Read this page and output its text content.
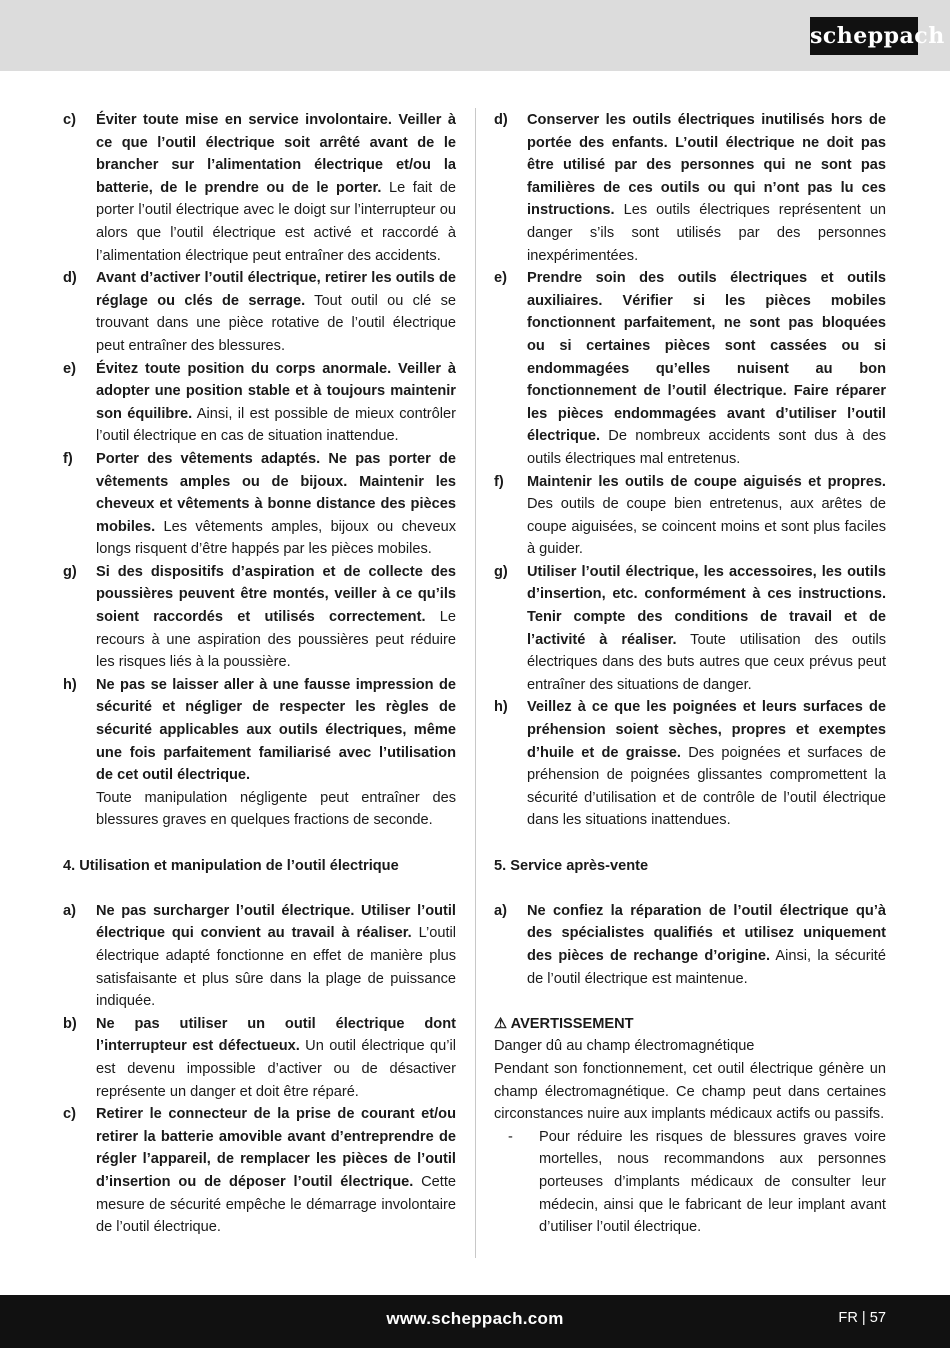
scheppach
c)	Éviter toute mise en service involontaire. Veiller à ce que l’outil électrique soit arrêté avant de le brancher sur l’alimentation électrique et/ou la batterie, de le prendre ou de le porter. Le fait de porter l’outil électrique avec le doigt sur l’interrupteur ou alors que l’outil électrique est activé et raccordé à l’alimentation électrique peut entraîner des accidents.
d)	Avant d’activer l’outil électrique, retirer les outils de réglage ou clés de serrage. Tout outil ou clé se trouvant dans une pièce rotative de l’outil électrique peut entraîner des blessures.
e)	Évitez toute position du corps anormale. Veiller à adopter une position stable et à toujours maintenir son équilibre. Ainsi, il est possible de mieux contrôler l’outil électrique en cas de situation inattendue.
f)	Porter des vêtements adaptés. Ne pas porter de vêtements amples ou de bijoux. Maintenir les cheveux et vêtements à bonne distance des pièces mobiles. Les vêtements amples, bijoux ou cheveux longs risquent d’être happés par les pièces mobiles.
g)	Si des dispositifs d’aspiration et de collecte des poussières peuvent être montés, veiller à ce qu’ils soient raccordés et utilisés correctement. Le recours à une aspiration des poussières peut réduire les risques liés à la poussière.
h)	Ne pas se laisser aller à une fausse impression de sécurité et négliger de respecter les règles de sécurité applicables aux outils électriques, même une fois parfaitement familiarisé avec l’utilisation de cet outil électrique.
Toute manipulation négligente peut entraîner des blessures graves en quelques fractions de seconde.
4. Utilisation et manipulation de l’outil électrique
a)	Ne pas surcharger l’outil électrique. Utiliser l’outil électrique qui convient au travail à réaliser. L’outil électrique adapté fonctionne en effet de manière plus satisfaisante et plus sûre dans la plage de puissance indiquée.
b)	Ne pas utiliser un outil électrique dont l’interrupteur est défectueux. Un outil électrique qu’il est devenu impossible d’activer ou de désactiver représente un danger et doit être réparé.
c)	Retirer le connecteur de la prise de courant et/ou retirer la batterie amovible avant d’entreprendre de régler l’appareil, de remplacer les pièces de l’outil d’insertion ou de déposer l’outil électrique. Cette mesure de sécurité empêche le démarrage involontaire de l’outil électrique.
d)	Conserver les outils électriques inutilisés hors de portée des enfants. L’outil électrique ne doit pas être utilisé par des personnes qui ne sont pas familières de ces outils ou qui n’ont pas lu ces instructions. Les outils électriques représentent un danger s’ils sont utilisés par des personnes inexpérimentées.
e)	Prendre soin des outils électriques et outils auxiliaires. Vérifier si les pièces mobiles fonctionnent parfaitement, ne sont pas bloquées ou si certaines pièces sont cassées ou si endommagées qu’elles nuisent au bon fonctionnement de l’outil électrique. Faire réparer les pièces endommagées avant d’utiliser l’outil électrique. De nombreux accidents sont dus à des outils électriques mal entretenus.
f)	Maintenir les outils de coupe aiguisés et propres. Des outils de coupe bien entretenus, aux arêtes de coupe aiguisées, se coincent moins et sont plus faciles à guider.
g)	Utiliser l’outil électrique, les accessoires, les outils d’insertion, etc. conformément à ces instructions. Tenir compte des conditions de travail et de l’activité à réaliser. Toute utilisation des outils électriques dans des buts autres que ceux prévus peut entraîner des situations de danger.
h)	Veillez à ce que les poignées et leurs surfaces de préhension soient sèches, propres et exemptes d’huile et de graisse. Des poignées et surfaces de préhension de poignées glissantes compromettent la sécurité d’utilisation et de contrôle de l’outil électrique dans les situations inattendues.
5. Service après-vente
a)	Ne confiez la réparation de l’outil électrique qu’à des spécialistes qualifiés et utilisez uniquement des pièces de rechange d’origine. Ainsi, la sécurité de l’outil électrique est maintenue.
⚠ AVERTISSEMENT
Danger dû au champ électromagnétique
Pendant son fonctionnement, cet outil électrique génère un champ électromagnétique. Ce champ peut dans certaines circonstances nuire aux implants médicaux actifs ou passifs.
-	Pour réduire les risques de blessures graves voire mortelles, nous recommandons aux personnes porteuses d’implants médicaux de consulter leur médecin, ainsi que le fabricant de leur implant avant d’utiliser l’outil électrique.
www.scheppach.com	FR | 57
